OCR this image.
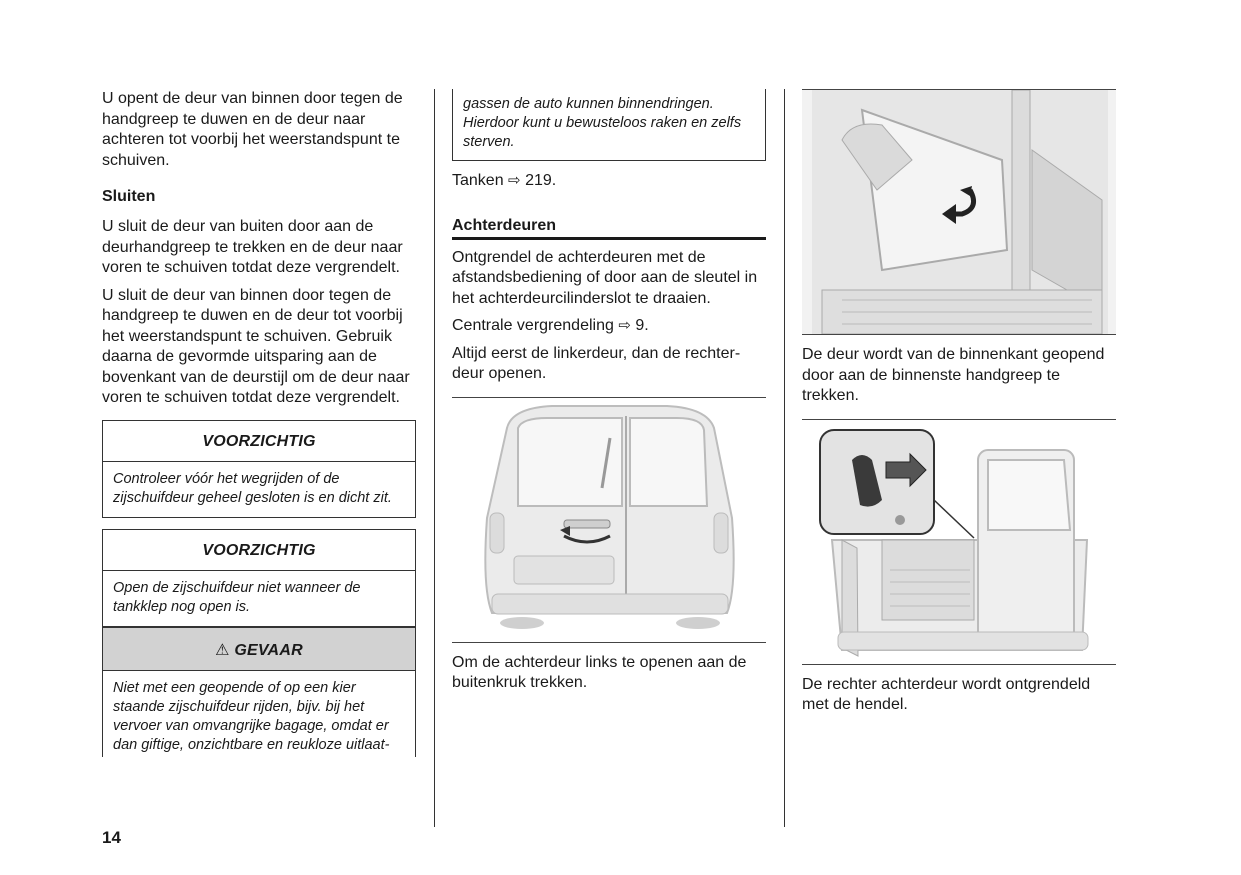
U opent de deur van binnen door tegen de handgreep te duwen en de deur naar achteren tot voorbij het weerstandspunt te schuiven.

Sluiten

U sluit de deur van buiten door aan de deurhandgreep te trekken en de deur naar voren te schuiven totdat deze vergrendelt.

U sluit de deur van binnen door tegen de handgreep te duwen en de deur tot voorbij het weerstandspunt te schuiven. Gebruik daarna de gevormde uitsparing aan de bovenkant van de deurstijl om de deur naar voren te schuiven totdat deze vergrendelt.

VOORZICHTIG
Controleer vóór het wegrijden of de zijschuifdeur geheel gesloten is en dicht zit.
VOORZICHTIG
Open de zijschuifdeur niet wanneer de tankklep nog open is.
⚠ GEVAAR
Niet met een geopende of op een kier staande zijschuifdeur rijden, bijv. bij het vervoer van omvangrijke bagage, omdat er dan giftige, onzichtbare en reukloze uitlaat-
gassen de auto kunnen binnendringen. Hierdoor kunt u bewusteloos raken en zelfs sterven.

Tanken ⇨ 219.

Achterdeuren

Ontgrendel de achterdeuren met de afstandsbediening of door aan de sleutel in het achterdeurcilinderslot te draaien.

Centrale vergrendeling ⇨ 9.

Altijd eerst de linkerdeur, dan de rechterdeur openen.

Om de achterdeur links te openen aan de buitenkruk trekken.

De deur wordt van de binnenkant geopend door aan de binnenste handgreep te trekken.

De rechter achterdeur wordt ontgrendeld met de hendel.

14
